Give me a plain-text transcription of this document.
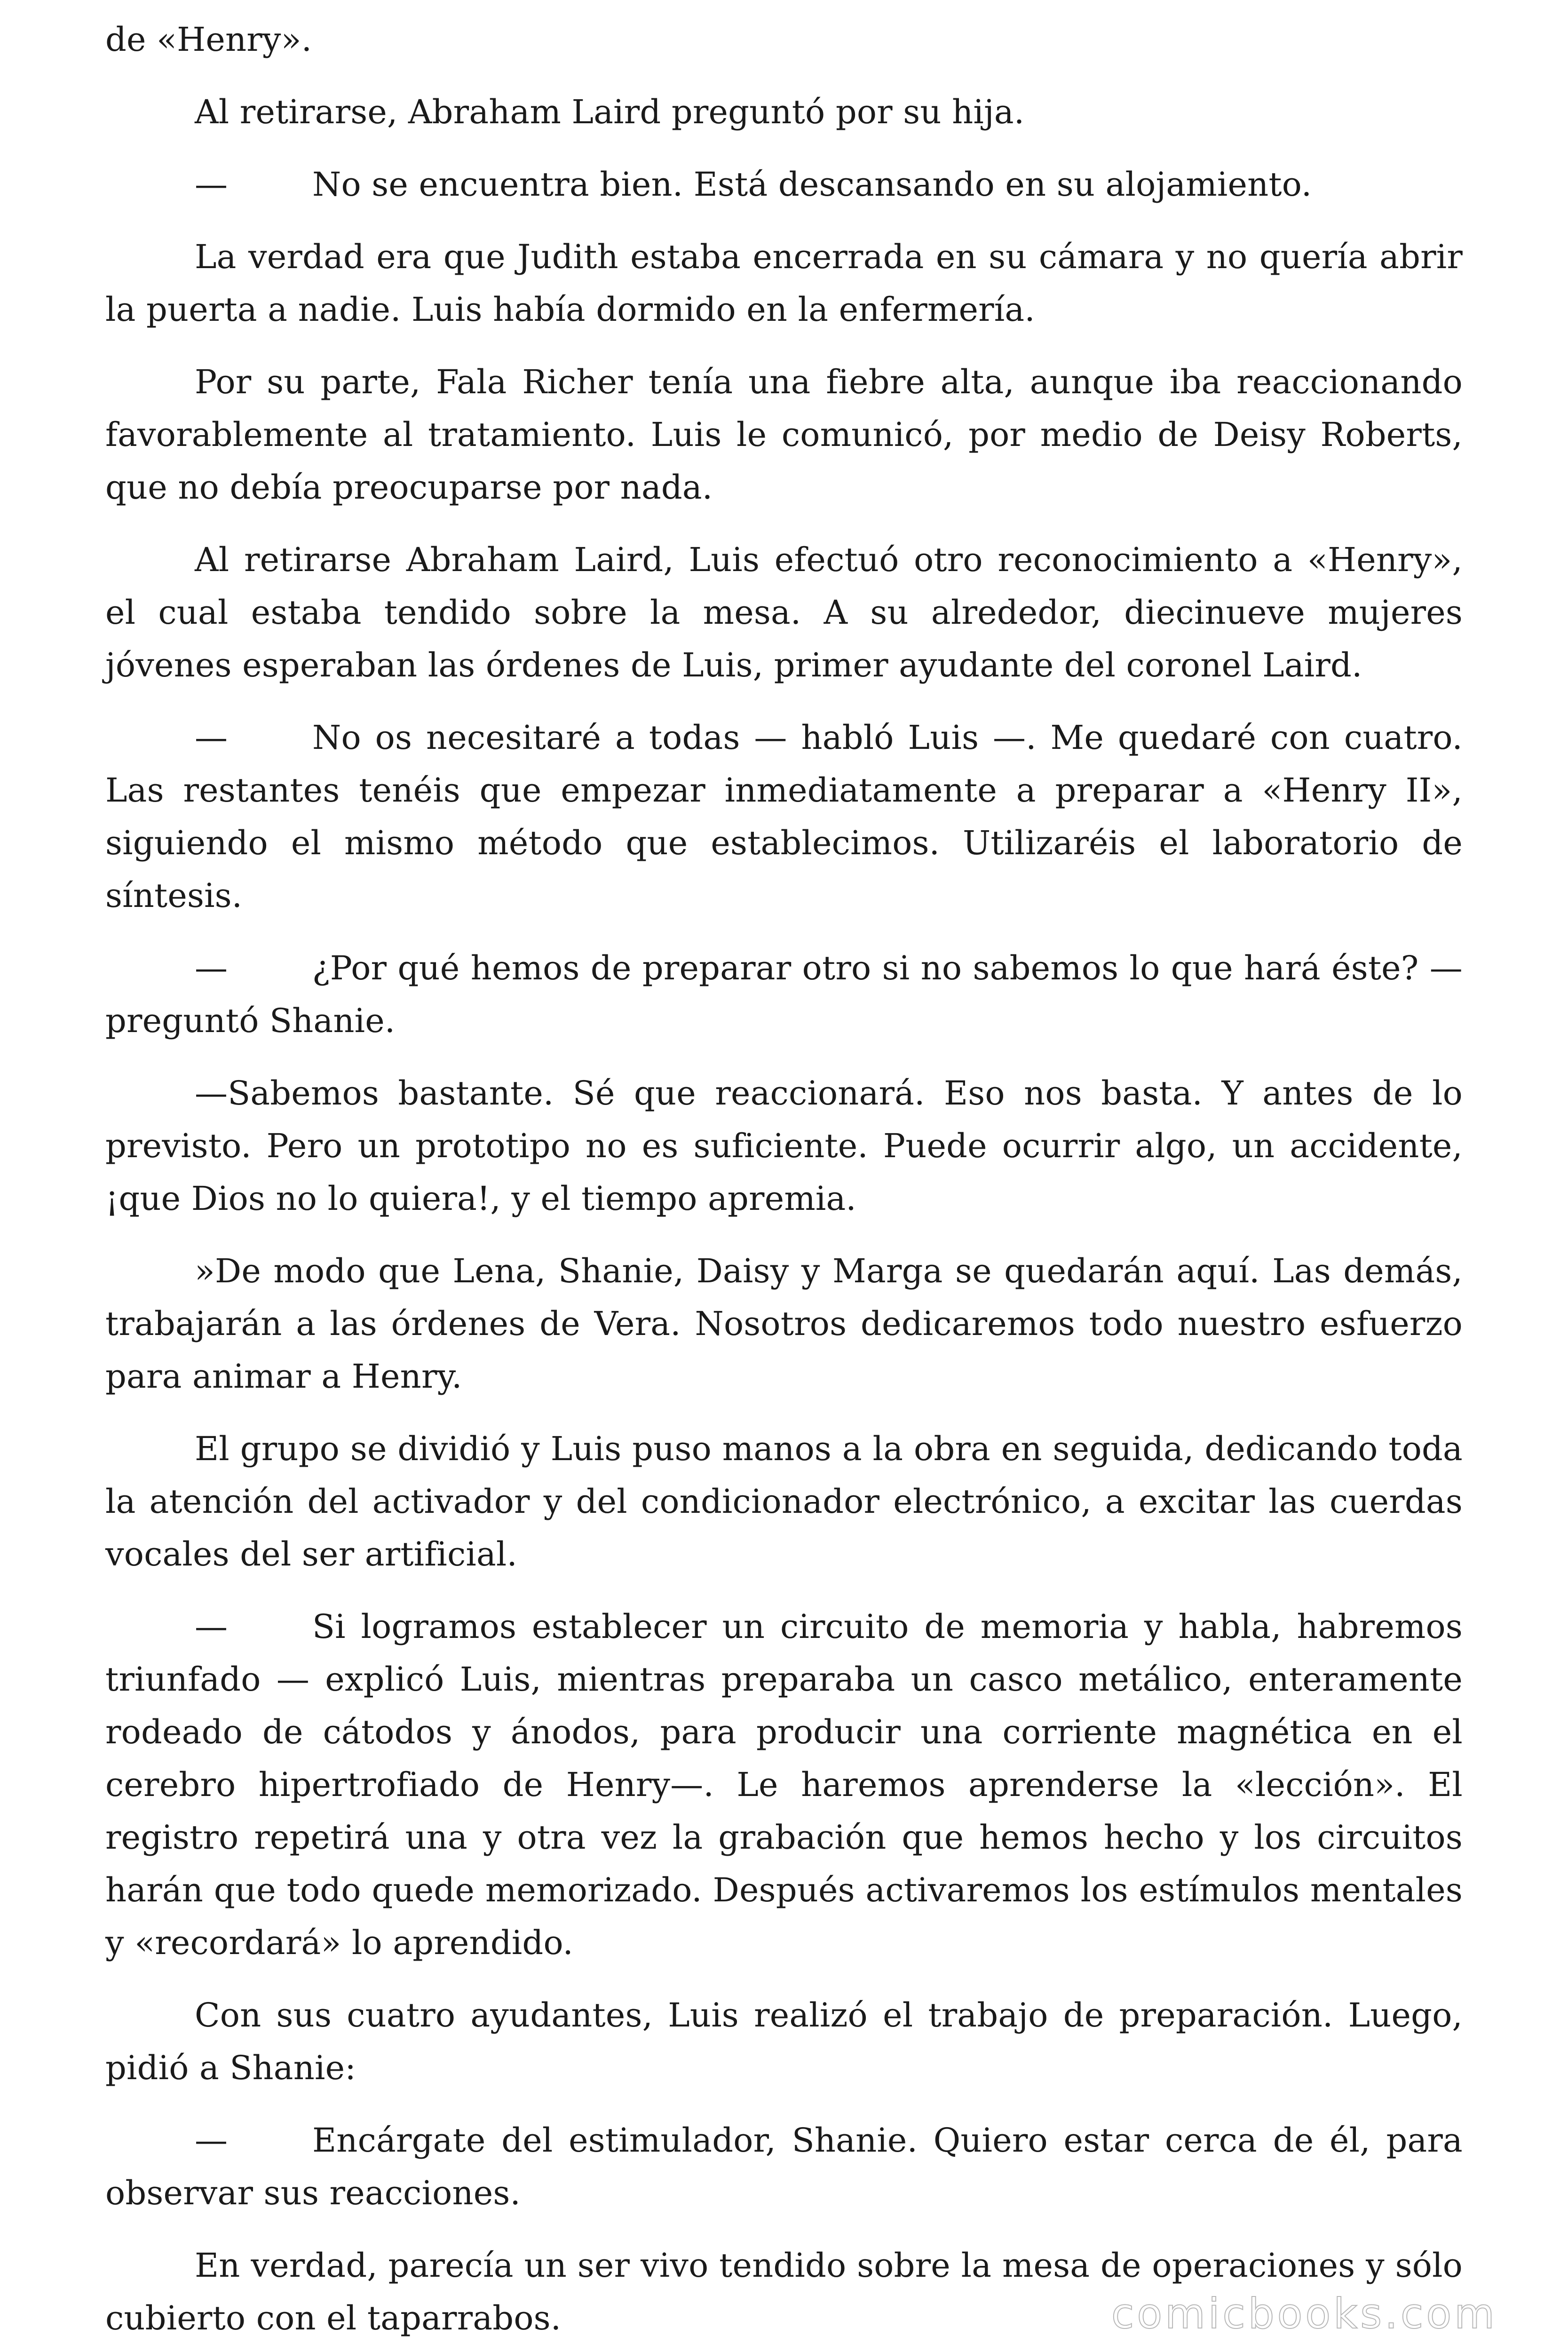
de «Henry».

Al retirarse, Abraham Laird preguntó por su hija.

—	No se encuentra bien. Está descansando en su alojamiento.

La verdad era que Judith estaba encerrada en su cámara y no quería abrir la puerta a nadie. Luis había dormido en la enfermería.

Por su parte, Fala Richer tenía una fiebre alta, aunque iba reaccionando favorablemente al tratamiento. Luis le comunicó, por medio de Deisy Roberts, que no debía preocuparse por nada.

Al retirarse Abraham Laird, Luis efectuó otro reconocimiento a «Henry», el cual estaba tendido sobre la mesa. A su alrededor, diecinueve mujeres jóvenes esperaban las órdenes de Luis, primer ayudante del coronel Laird.

—	No os necesitaré a todas — habló Luis —. Me quedaré con cuatro. Las restantes tenéis que empezar inmediatamente a preparar a «Henry II», siguiendo el mismo método que establecimos. Utilizaréis el laboratorio de síntesis.

—	¿Por qué hemos de preparar otro si no sabemos lo que hará éste? — preguntó Shanie.

—Sabemos bastante. Sé que reaccionará. Eso nos basta. Y antes de lo previsto. Pero un prototipo no es suficiente. Puede ocurrir algo, un accidente, ¡que Dios no lo quiera!, y el tiempo apremia.

»De modo que Lena, Shanie, Daisy y Marga se quedarán aquí. Las demás, trabajarán a las órdenes de Vera. Nosotros dedicaremos todo nuestro esfuerzo para animar a Henry.

El grupo se dividió y Luis puso manos a la obra en seguida, dedicando toda la atención del activador y del condicionador electrónico, a excitar las cuerdas vocales del ser artificial.

—	Si logramos establecer un circuito de memoria y habla, habremos triunfado — explicó Luis, mientras preparaba un casco metálico, enteramente rodeado de cátodos y ánodos, para producir una corriente magnética en el cerebro hipertrofiado de Henry—. Le haremos aprenderse la «lección». El registro repetirá una y otra vez la grabación que hemos hecho y los circuitos harán que todo quede memorizado. Después activaremos los estímulos mentales y «recordará» lo aprendido.

Con sus cuatro ayudantes, Luis realizó el trabajo de preparación. Luego, pidió a Shanie:

—	Encárgate del estimulador, Shanie. Quiero estar cerca de él, para observar sus reacciones.

En verdad, parecía un ser vivo tendido sobre la mesa de operaciones y sólo cubierto con el taparrabos.	comicbooks.com
